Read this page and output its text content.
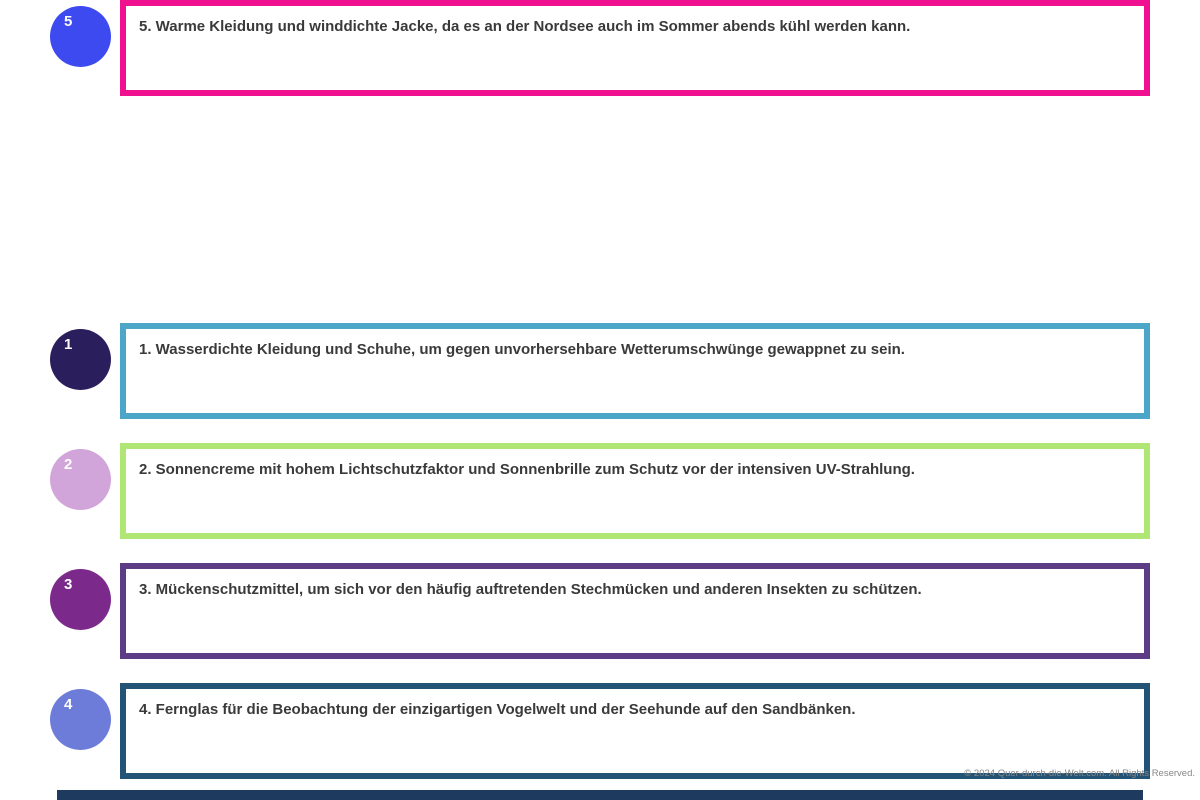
1	1. Wasserdichte Kleidung und Schuhe, um gegen unvorhersehbare Wetterumschwünge gewappnet zu sein.
2	2. Sonnencreme mit hohem Lichtschutzfaktor und Sonnenbrille zum Schutz vor der intensiven UV-Strahlung.
3	3. Mückenschutzmittel, um sich vor den häufig auftretenden Stechmücken und anderen Insekten zu schützen.
4	4. Fernglas für die Beobachtung der einzigartigen Vogelwelt und der Seehunde auf den Sandbänken.
5	5. Warme Kleidung und winddichte Jacke, da es an der Nordsee auch im Sommer abends kühl werden kann.
© 2024 Quer-durch-die-Welt.com. All Rights Reserved.
